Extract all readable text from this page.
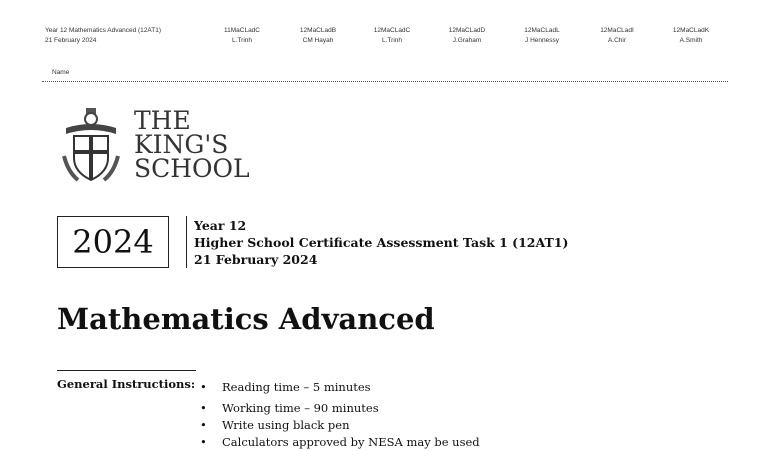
Year 12 Mathematics Advanced (12AT1)
21 February 2024
11MaCLadC
L.Trinh
12MaCLadB
CM Hayah
12MaCLadC
L.Trinh
12MaCLadD
J.Graham
12MaCLadL
J Hennessy
12MaCLadI
A.Chir
12MaCLadK
A.Smith
Name
THE
KING'S
SCHOOL
2024	Year 12
Higher School Certificate Assessment Task 1 (12AT1)
21 February 2024
Mathematics Advanced
General Instructions: •	Reading time – 5 minutes
•	Working time – 90 minutes
•	Write using black pen
•	Calculators approved by NESA may be used
